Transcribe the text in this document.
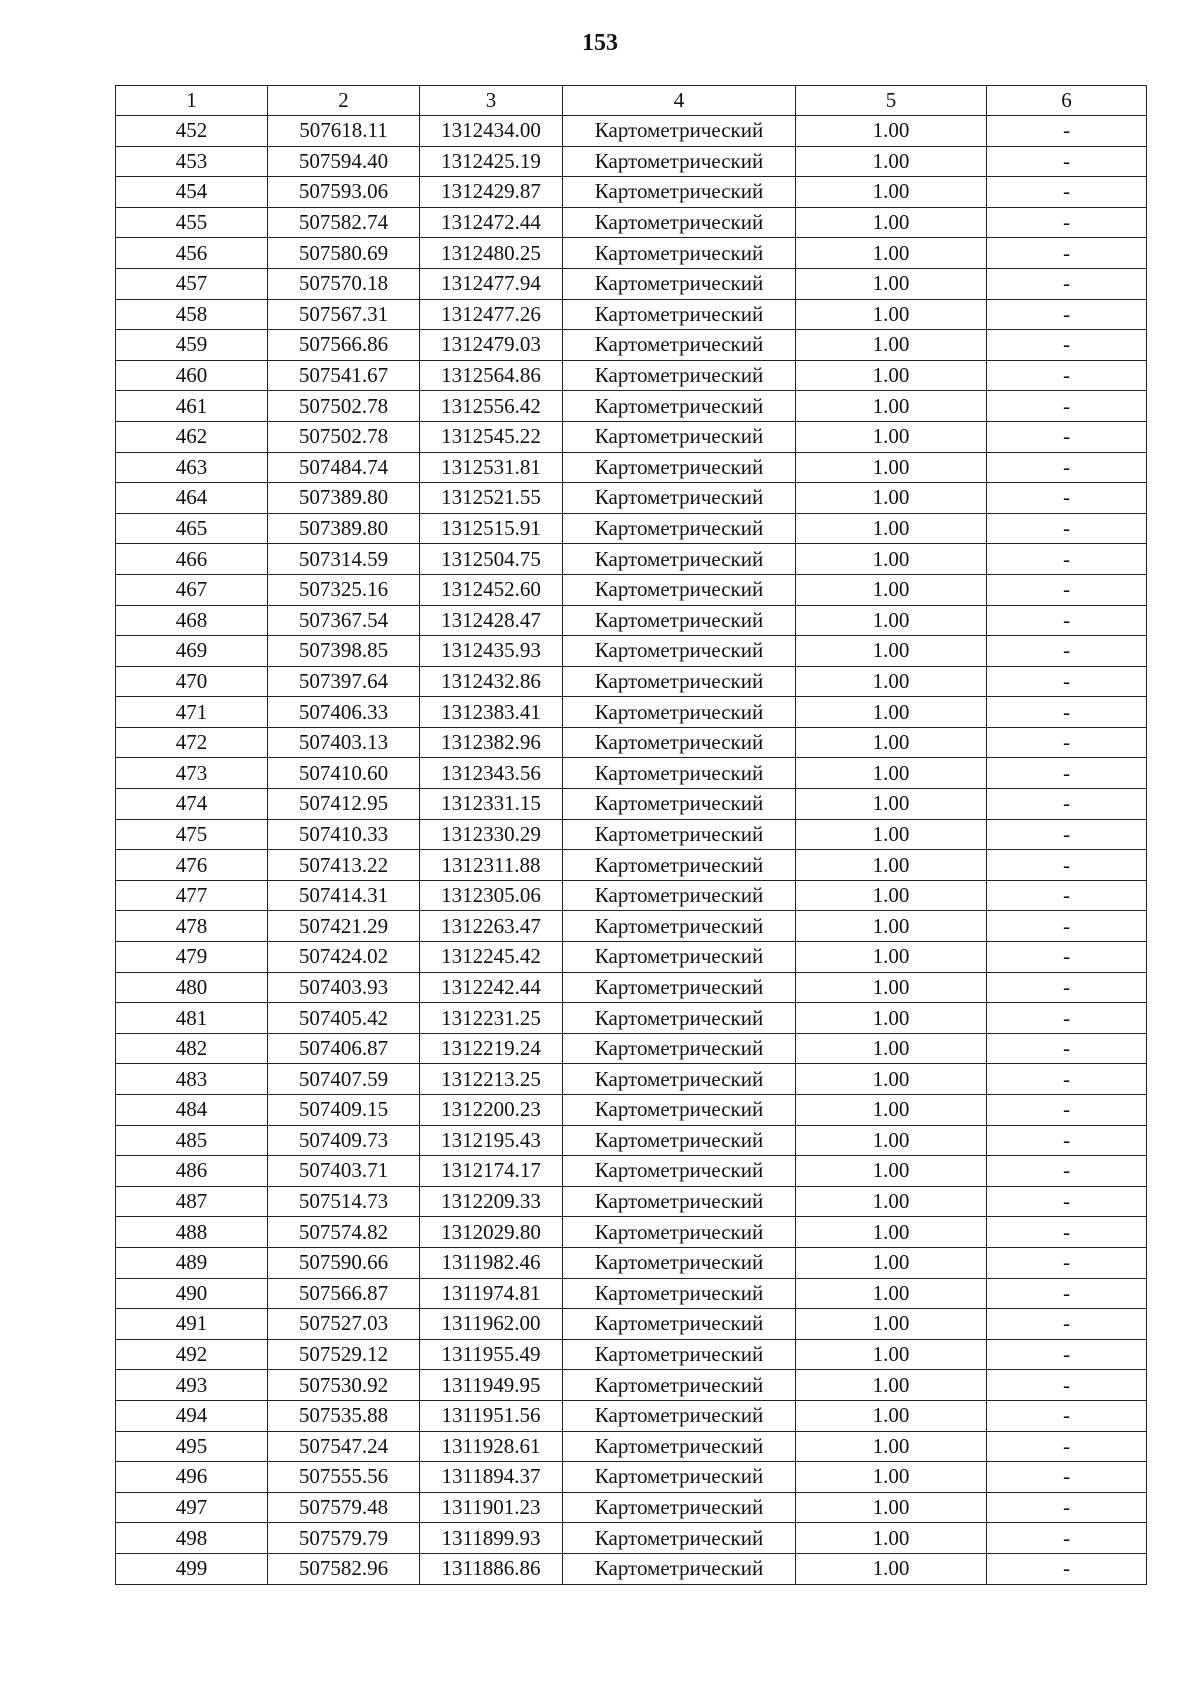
153
1	2	3	4	5	6
452	507618.11	1312434.00	Картометрический	1.00	-
453	507594.40	1312425.19	Картометрический	1.00	-
454	507593.06	1312429.87	Картометрический	1.00	-
455	507582.74	1312472.44	Картометрический	1.00	-
456	507580.69	1312480.25	Картометрический	1.00	-
457	507570.18	1312477.94	Картометрический	1.00	-
458	507567.31	1312477.26	Картометрический	1.00	-
459	507566.86	1312479.03	Картометрический	1.00	-
460	507541.67	1312564.86	Картометрический	1.00	-
461	507502.78	1312556.42	Картометрический	1.00	-
462	507502.78	1312545.22	Картометрический	1.00	-
463	507484.74	1312531.81	Картометрический	1.00	-
464	507389.80	1312521.55	Картометрический	1.00	-
465	507389.80	1312515.91	Картометрический	1.00	-
466	507314.59	1312504.75	Картометрический	1.00	-
467	507325.16	1312452.60	Картометрический	1.00	-
468	507367.54	1312428.47	Картометрический	1.00	-
469	507398.85	1312435.93	Картометрический	1.00	-
470	507397.64	1312432.86	Картометрический	1.00	-
471	507406.33	1312383.41	Картометрический	1.00	-
472	507403.13	1312382.96	Картометрический	1.00	-
473	507410.60	1312343.56	Картометрический	1.00	-
474	507412.95	1312331.15	Картометрический	1.00	-
475	507410.33	1312330.29	Картометрический	1.00	-
476	507413.22	1312311.88	Картометрический	1.00	-
477	507414.31	1312305.06	Картометрический	1.00	-
478	507421.29	1312263.47	Картометрический	1.00	-
479	507424.02	1312245.42	Картометрический	1.00	-
480	507403.93	1312242.44	Картометрический	1.00	-
481	507405.42	1312231.25	Картометрический	1.00	-
482	507406.87	1312219.24	Картометрический	1.00	-
483	507407.59	1312213.25	Картометрический	1.00	-
484	507409.15	1312200.23	Картометрический	1.00	-
485	507409.73	1312195.43	Картометрический	1.00	-
486	507403.71	1312174.17	Картометрический	1.00	-
487	507514.73	1312209.33	Картометрический	1.00	-
488	507574.82	1312029.80	Картометрический	1.00	-
489	507590.66	1311982.46	Картометрический	1.00	-
490	507566.87	1311974.81	Картометрический	1.00	-
491	507527.03	1311962.00	Картометрический	1.00	-
492	507529.12	1311955.49	Картометрический	1.00	-
493	507530.92	1311949.95	Картометрический	1.00	-
494	507535.88	1311951.56	Картометрический	1.00	-
495	507547.24	1311928.61	Картометрический	1.00	-
496	507555.56	1311894.37	Картометрический	1.00	-
497	507579.48	1311901.23	Картометрический	1.00	-
498	507579.79	1311899.93	Картометрический	1.00	-
499	507582.96	1311886.86	Картометрический	1.00	-
